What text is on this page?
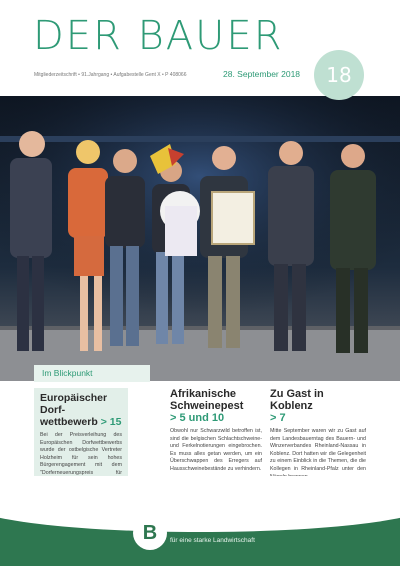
DER BAUER
Mitgliederzeitschrift • 91.Jahrgang • Aufgabestelle Gent X • P 408066	28. September 2018	18
Im Blickpunkt
Europäischer Dorf-wettbewerb > 15

Bei der Preisverleihung des Europäischen Dorfwettbewerbs wurde der ostbelgische Vertreter Holzheim für sein hohes Bürgerengagement mit dem "Dorferneuerungspreis für

Afrikanische Schweinepest
> 5 und 10

Obwohl nur Schwarzwild betroffen ist, sind die belgischen Schlachtschweine- und Ferkelnotierungen eingebrochen. Es muss alles getan werden, um ein Überschwappen des Erregers auf Hausschweinebestände zu verhindern.

Zu Gast in Koblenz
> 7

Mitte September waren wir zu Gast auf dem Landesbauerntag des Bauern- und Winzerverbandes Rheinland-Nassau in Koblenz. Dort hatten wir die Gelegenheit zu einem Einblick in die Themen, die die Kollegen in Rheinland-Pfalz unter den

B	BAUERNBUND
für eine starke Landwirtschaft
